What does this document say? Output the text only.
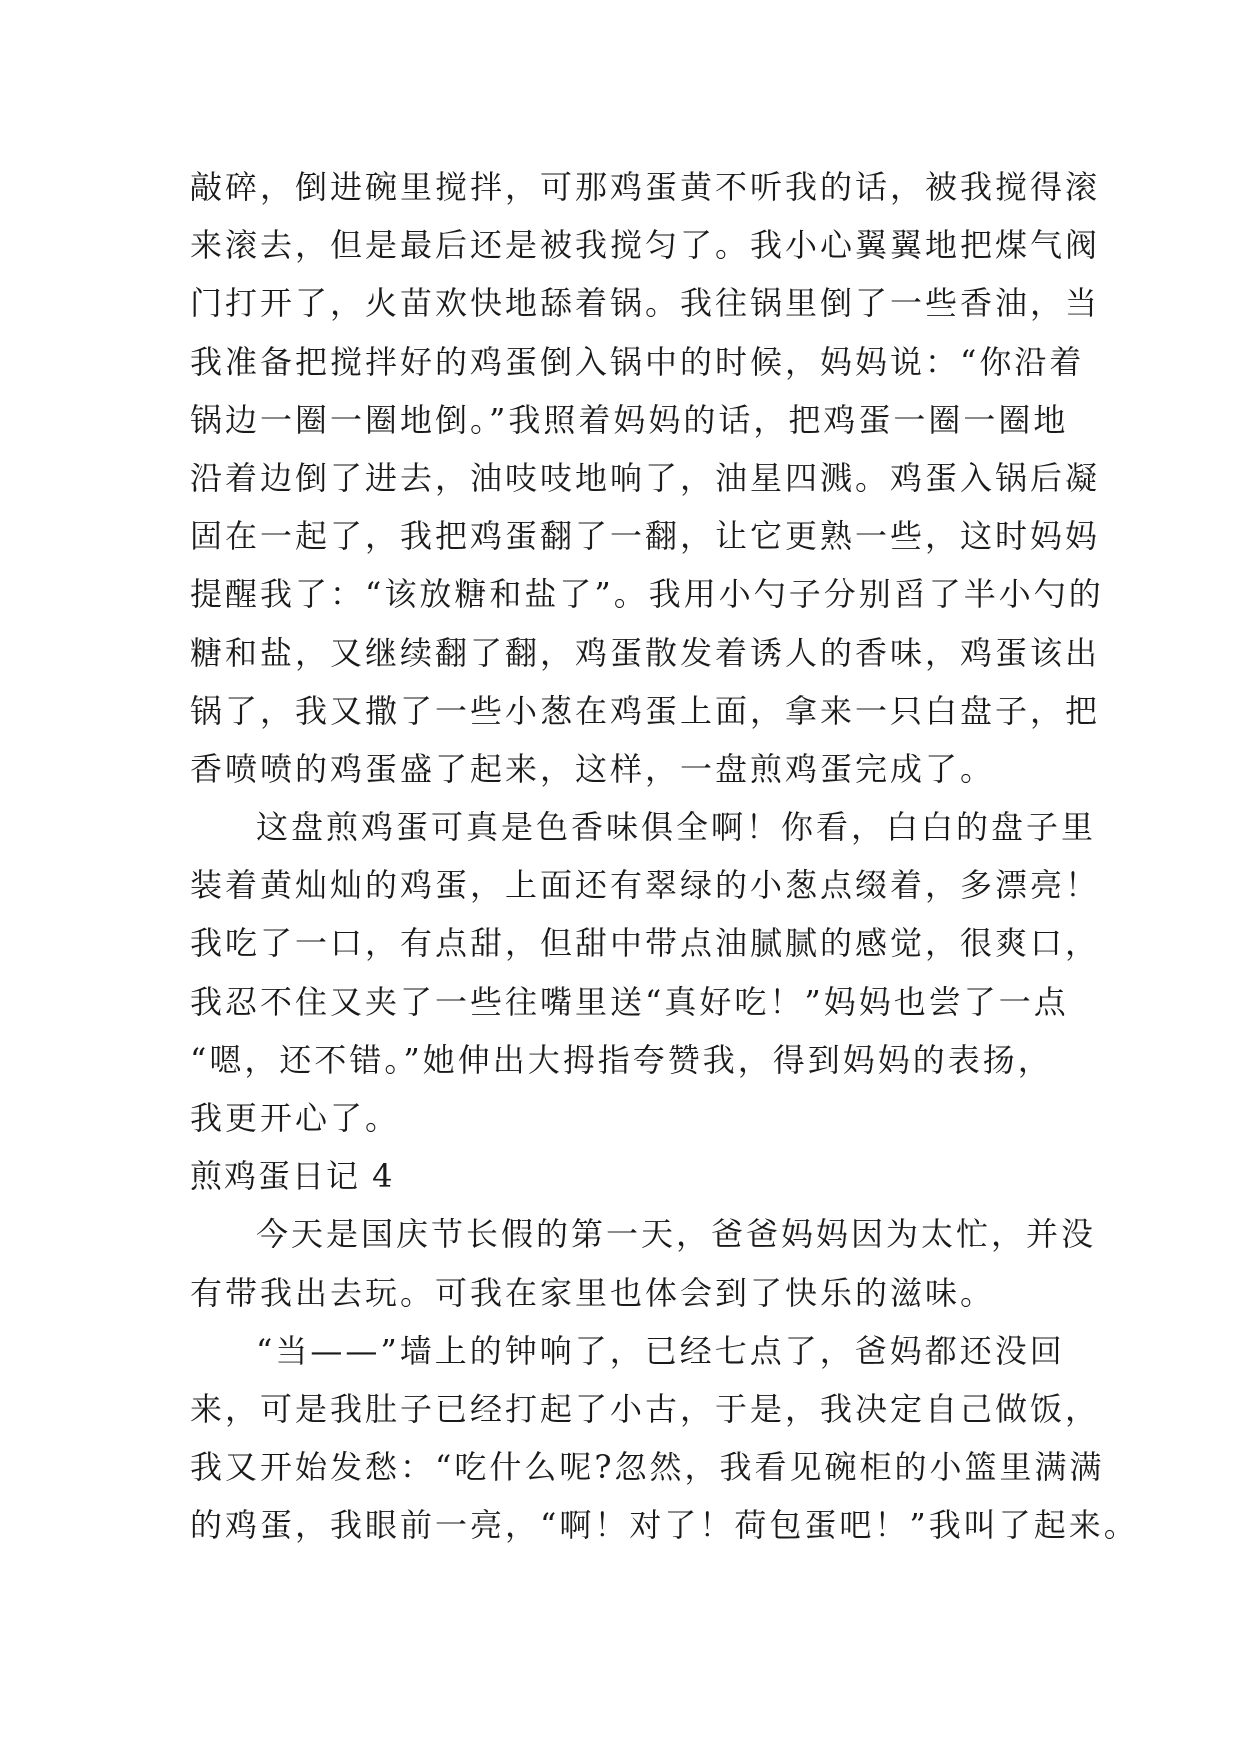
敲碎，倒进碗里搅拌，可那鸡蛋黄不听我的话，被我搅得滚
来滚去，但是最后还是被我搅匀了。我小心翼翼地把煤气阀
门打开了，火苗欢快地舔着锅。我往锅里倒了一些香油，当
我准备把搅拌好的鸡蛋倒入锅中的时候，妈妈说：“你沿着
锅边一圈一圈地倒。”我照着妈妈的话，把鸡蛋一圈一圈地
沿着边倒了进去，油吱吱地响了，油星四溅。鸡蛋入锅后凝
固在一起了，我把鸡蛋翻了一翻，让它更熟一些，这时妈妈
提醒我了：“该放糖和盐了”。我用小勺子分别舀了半小勺的
糖和盐，又继续翻了翻，鸡蛋散发着诱人的香味，鸡蛋该出
锅了，我又撒了一些小葱在鸡蛋上面，拿来一只白盘子，把
香喷喷的鸡蛋盛了起来，这样，一盘煎鸡蛋完成了。
这盘煎鸡蛋可真是色香味俱全啊！你看，白白的盘子里
装着黄灿灿的鸡蛋，上面还有翠绿的小葱点缀着，多漂亮！
我吃了一口，有点甜，但甜中带点油腻腻的感觉，很爽口，
我忍不住又夹了一些往嘴里送“真好吃！”妈妈也尝了一点
“嗯，还不错。”她伸出大拇指夸赞我，得到妈妈的表扬，
我更开心了。
煎鸡蛋日记 4
今天是国庆节长假的第一天，爸爸妈妈因为太忙，并没
有带我出去玩。可我在家里也体会到了快乐的滋味。
“当——”墙上的钟响了，已经七点了，爸妈都还没回
来，可是我肚子已经打起了小古，于是，我决定自己做饭，
我又开始发愁：“吃什么呢?忽然，我看见碗柜的小篮里满满
的鸡蛋，我眼前一亮，“啊！对了！荷包蛋吧！”我叫了起来。
